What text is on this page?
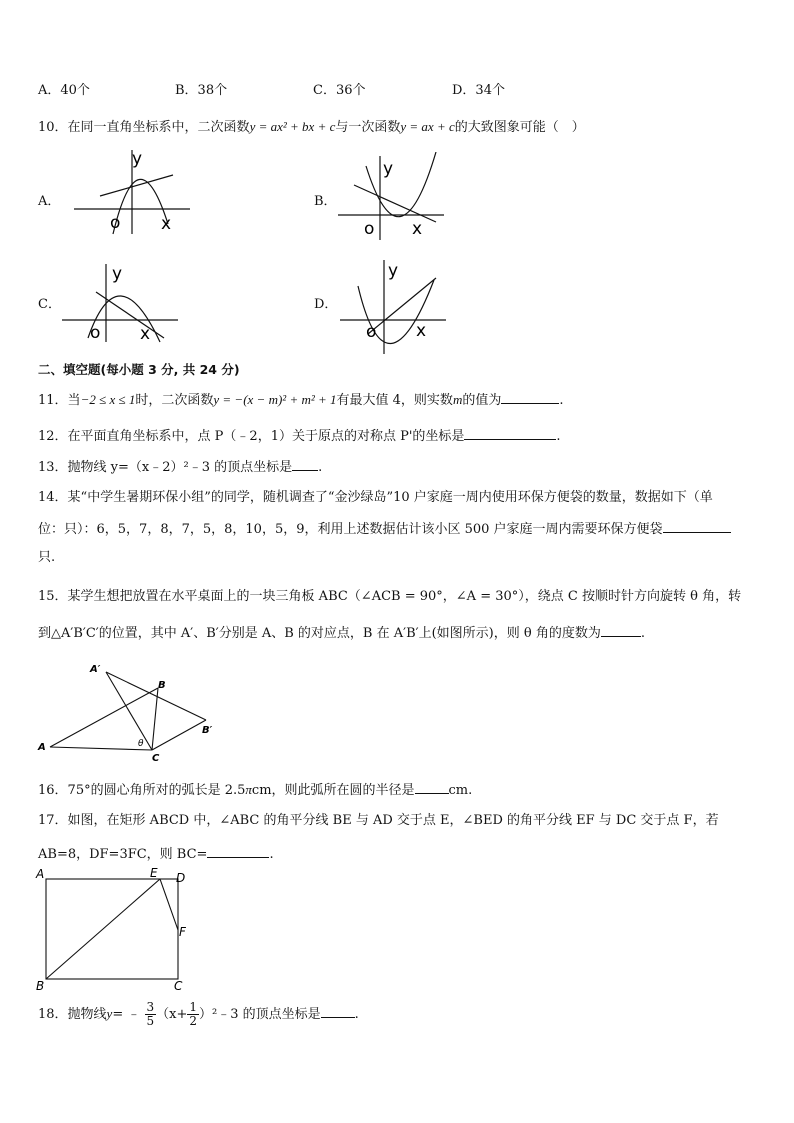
A．40个	B．38个	C．36个	D．34个
10．在同一直角坐标系中，二次函数y = ax² + bx + c与一次函数y = ax + c的大致图象可能（　）
A．	B．
C．	D．
y
o x
y
o x
y
o x
y
o x
二、填空题(每小题 3 分, 共 24 分)
11．当−2 ≤ x ≤ 1时，二次函数y = −(x − m)² + m² + 1有最大值 4，则实数m的值为	.
12．在平面直角坐标系中，点 P（﹣2，1）关于原点的对称点 P'的坐标是	.
13．抛物线 y=（x﹣2）²﹣3 的顶点坐标是 .
14．某“中学生暑期环保小组”的同学，随机调查了“金沙绿岛”10 户家庭一周内使用环保方便袋的数量，数据如下（单
位：只）：6，5，7，8，7，5，8，10，5，9，利用上述数据估计该小区 500 户家庭一周内需要环保方便袋
只.
15．某学生想把放置在水平桌面上的一块三角板 ABC（∠ACB = 90°，∠A = 30°），绕点 C 按顺时针方向旋转 θ 角，转
到△A′B′C′的位置，其中 A′、B′分别是 A、B 的对应点，B 在 A′B′上(如图所示)，则 θ 角的度数为	.
A′
B
B′
A
C
θ
16．75°的圆心角所对的弧长是 2.5πcm，则此弧所在圆的半径是	cm.
17．如图，在矩形 ABCD 中，∠ABC 的角平分线 BE 与 AD 交于点 E，∠BED 的角平分线 EF 与 DC 交于点 F，若
AB=8，DF=3FC，则 BC=	.
A	E D
F
B	C
18．抛物线y= ﹣ $\frac{3}{5} (x+ \frac{1}{2}$ ）²﹣3 的顶点坐标是	.
